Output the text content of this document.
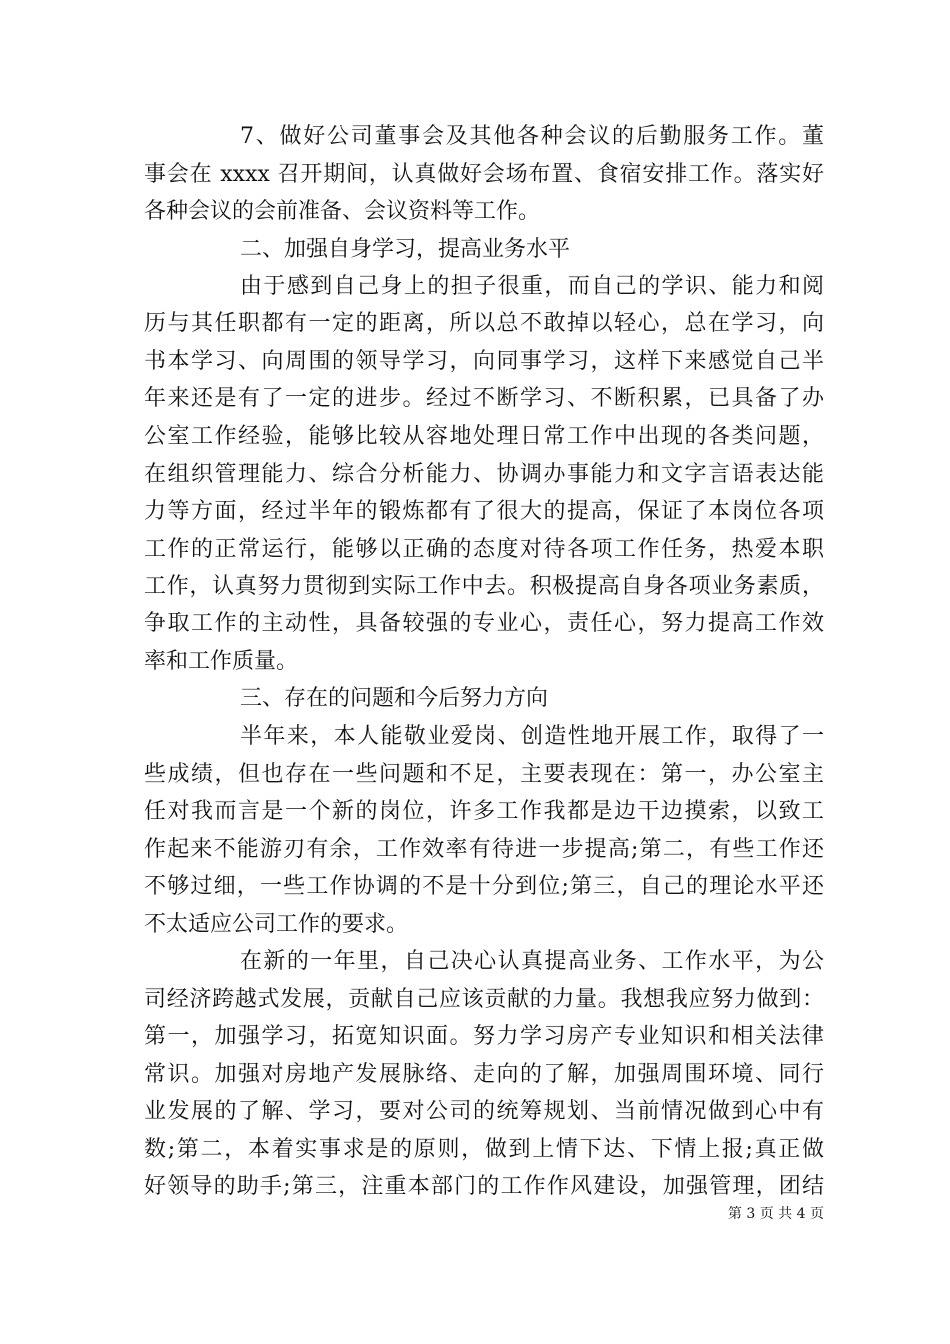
7、做好公司董事会及其他各种会议的后勤服务工作。董
事会在 xxxx 召开期间，认真做好会场布置、食宿安排工作。落实好
各种会议的会前准备、会议资料等工作。
二、加强自身学习，提高业务水平
由于感到自己身上的担子很重，而自己的学识、能力和阅
历与其任职都有一定的距离，所以总不敢掉以轻心，总在学习，向
书本学习、向周围的领导学习，向同事学习，这样下来感觉自己半
年来还是有了一定的进步。经过不断学习、不断积累，已具备了办
公室工作经验，能够比较从容地处理日常工作中出现的各类问题，
在组织管理能力、综合分析能力、协调办事能力和文字言语表达能
力等方面，经过半年的锻炼都有了很大的提高，保证了本岗位各项
工作的正常运行，能够以正确的态度对待各项工作任务，热爱本职
工作，认真努力贯彻到实际工作中去。积极提高自身各项业务素质，
争取工作的主动性，具备较强的专业心，责任心，努力提高工作效
率和工作质量。
三、存在的问题和今后努力方向
半年来，本人能敬业爱岗、创造性地开展工作，取得了一
些成绩，但也存在一些问题和不足，主要表现在：第一，办公室主
任对我而言是一个新的岗位，许多工作我都是边干边摸索，以致工
作起来不能游刃有余，工作效率有待进一步提高;第二，有些工作还
不够过细，一些工作协调的不是十分到位;第三，自己的理论水平还
不太适应公司工作的要求。
在新的一年里，自己决心认真提高业务、工作水平，为公
司经济跨越式发展，贡献自己应该贡献的力量。我想我应努力做到：
第一，加强学习，拓宽知识面。努力学习房产专业知识和相关法律
常识。加强对房地产发展脉络、走向的了解，加强周围环境、同行
业发展的了解、学习，要对公司的统筹规划、当前情况做到心中有
数;第二，本着实事求是的原则，做到上情下达、下情上报;真正做
好领导的助手;第三，注重本部门的工作作风建设，加强管理，团结
第 3 页 共 4 页
